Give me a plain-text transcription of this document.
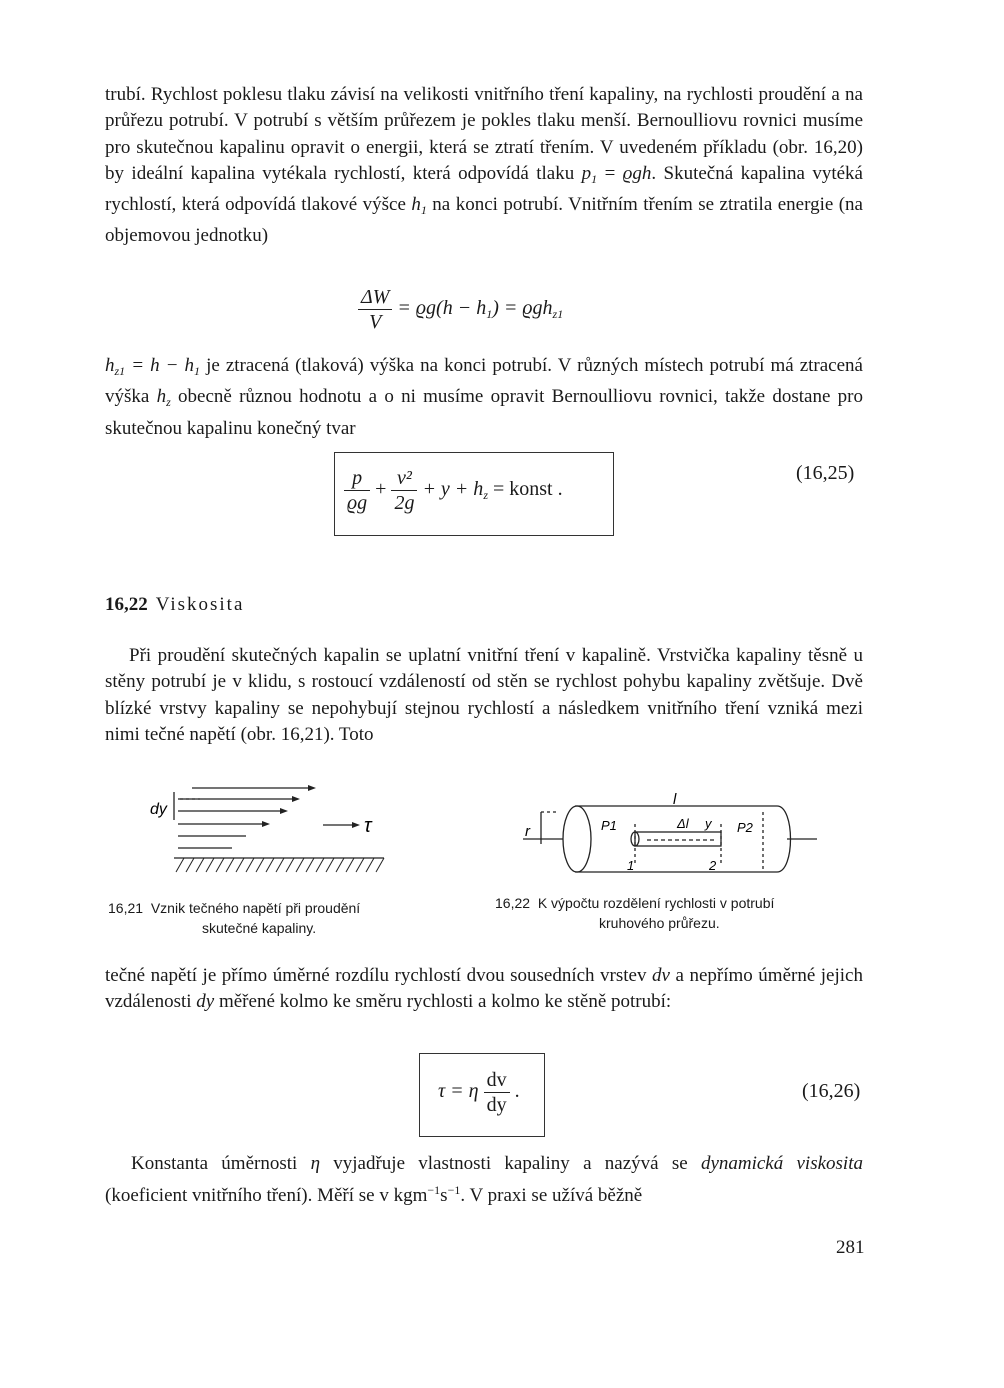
trubí. Rychlost poklesu tlaku závisí na velikosti vnitřního tření kapaliny, na rychlosti proudění a na průřezu potrubí. V potrubí s větším průřezem je pokles tlaku menší. Bernoulliovu rovnici musíme pro skutečnou kapalinu opravit o energii, která se ztratí třením. V uvedeném příkladu (obr. 16,20) by ideální kapalina vytékala rychlostí, která odpovídá tlaku $p_1 = ϱgh$. Skutečná kapalina vytéká rychlostí, která odpovídá tlakové výšce $h_1$ na konci potrubí. Vnitřním třením se ztratila energie (na objemovou jednotku)
$\frac{\Delta W}{V} = ϱg(h - h_1) = ϱgh_{z1}$
$h_{z1} = h - h_1$ je ztracená (tlaková) výška na konci potrubí. V různých místech potrubí má ztracená výška $h_z$ obecně různou hodnotu a o ni musíme opravit Bernoulliovu rovnici, takže dostane pro skutečnou kapalinu konečný tvar
$\frac{p}{ϱg} + \frac{\text{v²}}{2g} + y + h_z$ = konst .
(16,25)
16,22 Viskosita
Při proudění skutečných kapalin se uplatní vnitřní tření v kapalině. Vrstvička kapaliny těsně u stěny potrubí je v klidu, s rostoucí vzdáleností od stěn se rychlost pohybu kapaliny zvětšuje. Dvě blízké vrstvy kapaliny se nepohybují stejnou rychlostí a následkem vnitřního tření vzniká mezi nimi tečné napětí (obr. 16,21). Toto
dy
τ
16,21 Vznik tečného napětí při proudění
skutečné kapaliny.
l
r	P1	Δl y P2
1	2
16,22 K výpočtu rozdělení rychlosti v potrubí
kruhového průřezu.
tečné napětí je přímo úměrné rozdílu rychlostí dvou sousedních vrstev dv a nepřímo úměrné jejich vzdálenosti dy měřené kolmo ke směru rychlosti a kolmo ke stěně potrubí:
τ = η $\frac{dv}{dy}$ .	(16,26)
Konstanta úměrnosti η vyjadřuje vlastnosti kapaliny a nazývá se dynamická viskosita (koeficient vnitřního tření). Měří se v $kgm^{-1}s^{-1}$. V praxi se užívá běžně
281
